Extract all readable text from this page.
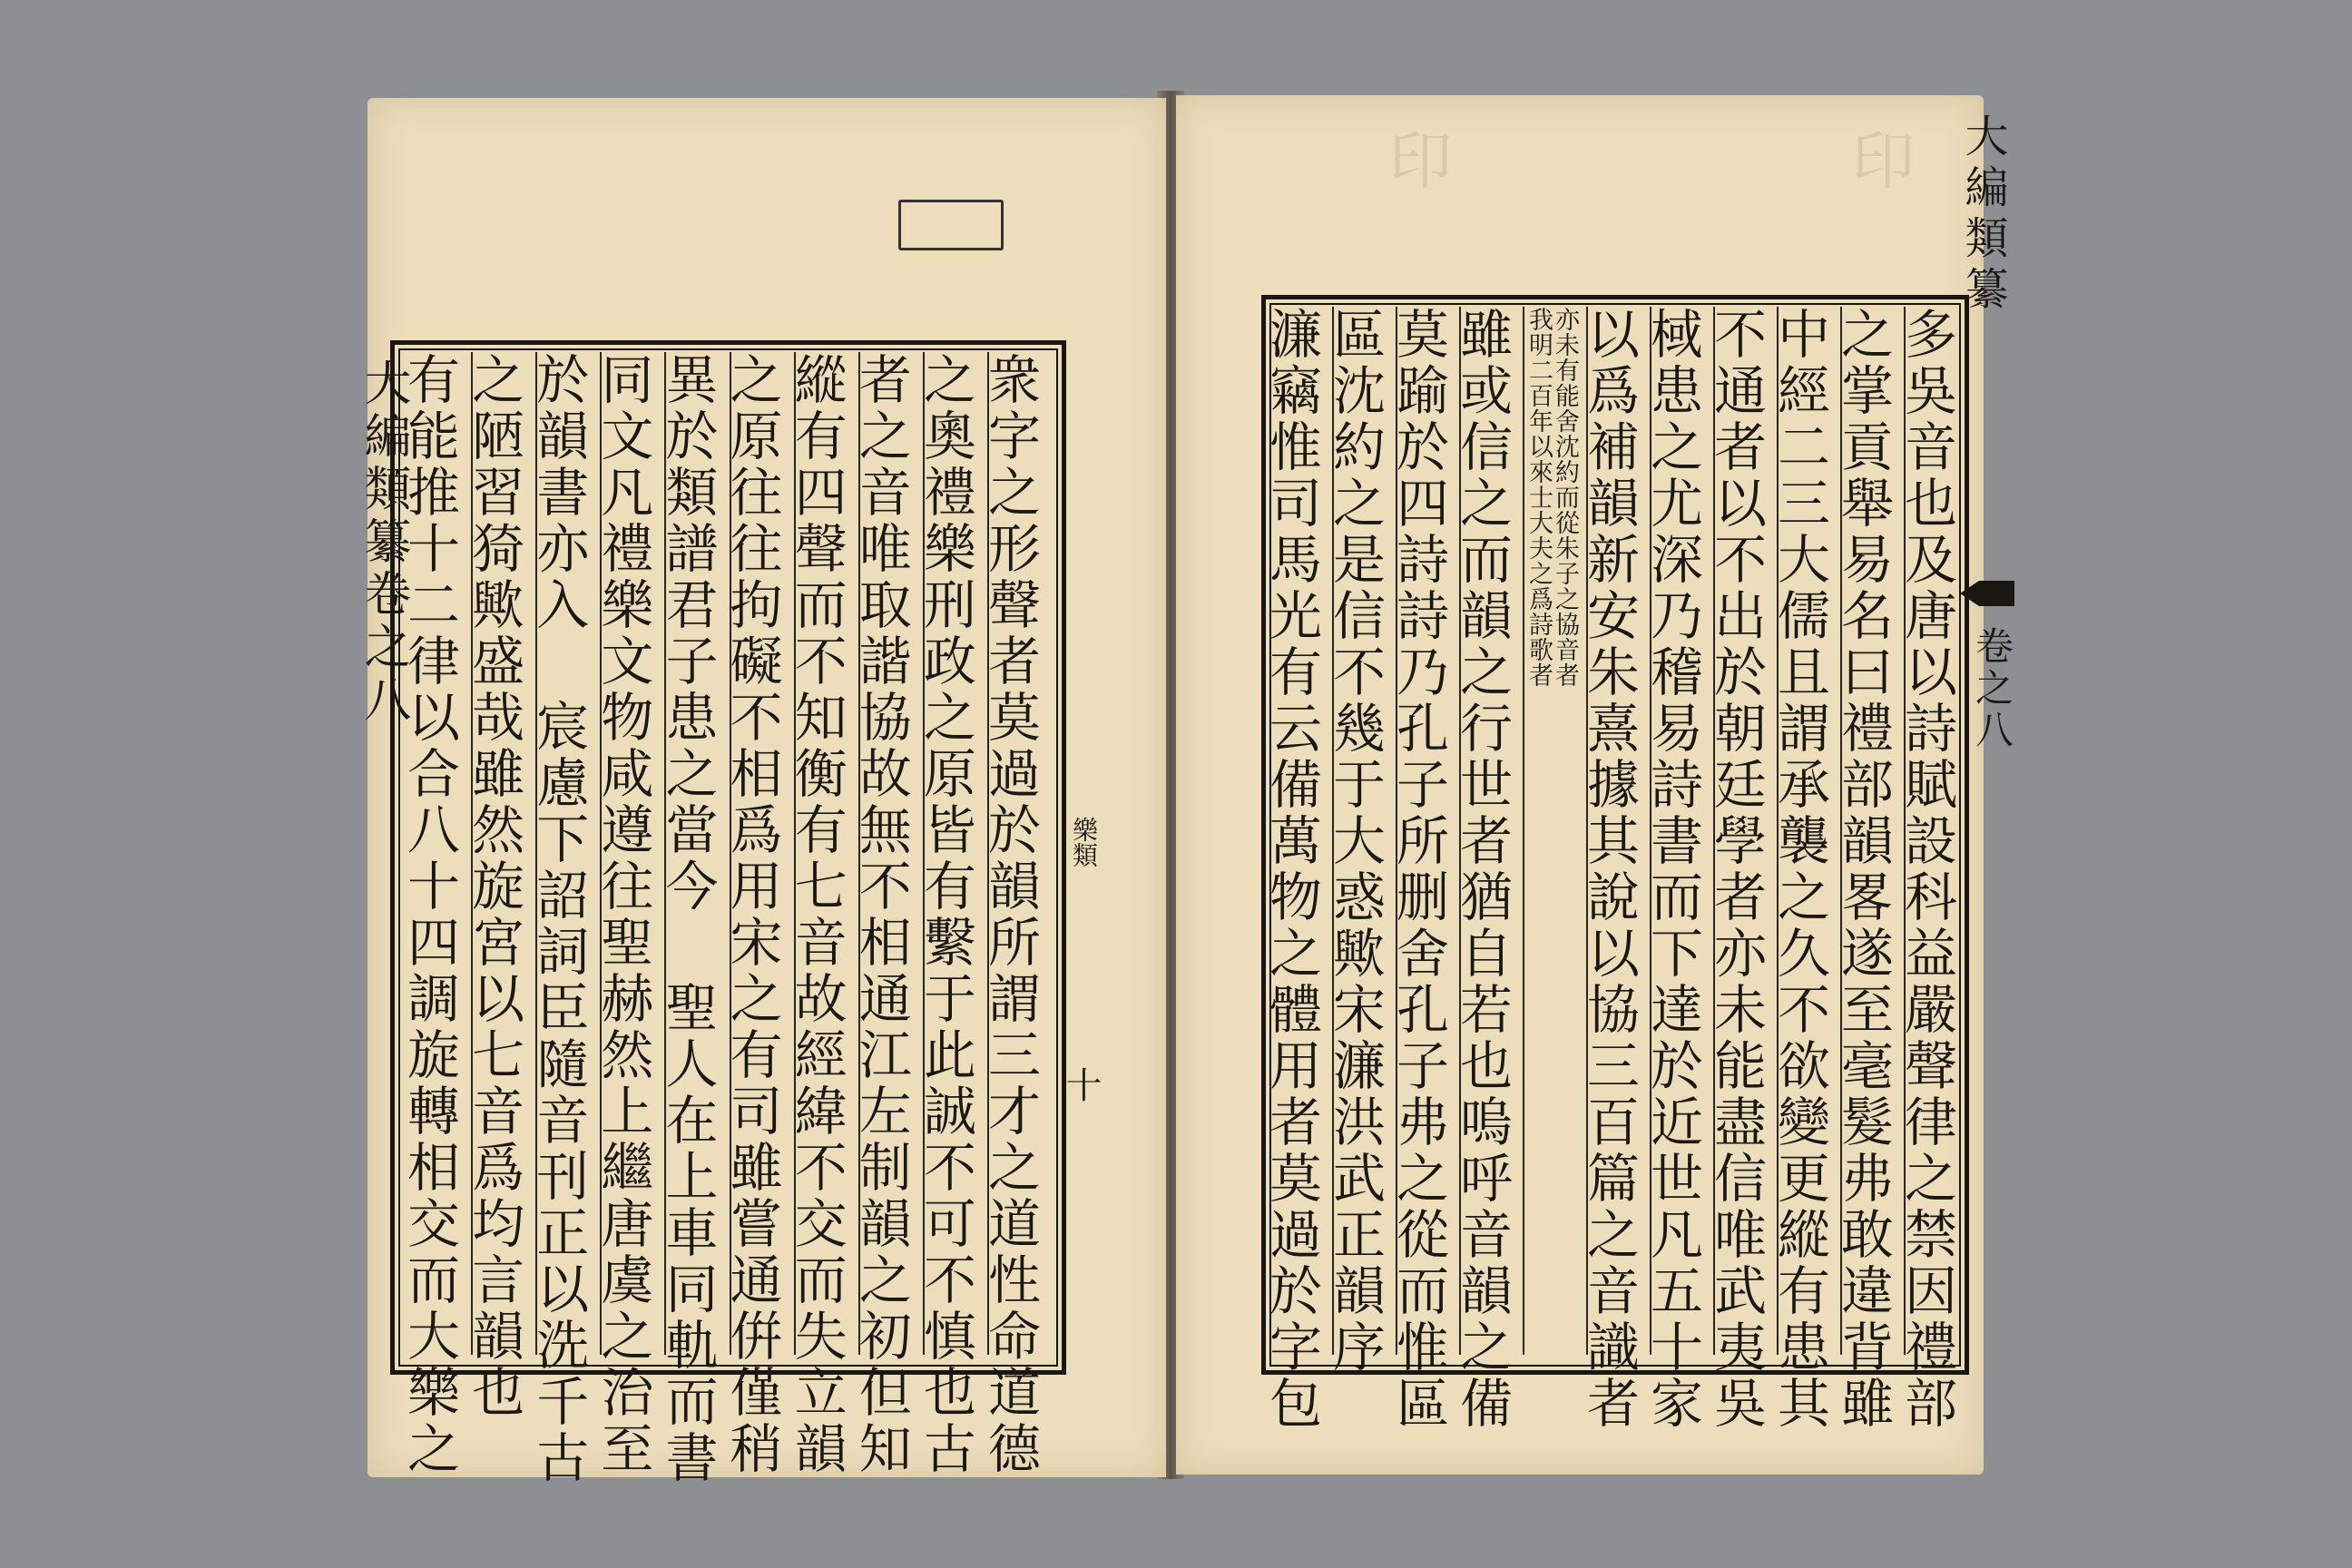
印	印
大編類纂卷之八
樂類
十
衆字之形聲者莫過於韻所謂三才之道性命道德
之奧禮樂刑政之原皆有繫于此誠不可不慎也古
者之音唯取諧協故無不相通江左制韻之初但知
縱有四聲而不知衡有七音故經緯不交而失立韻
之原往往拘礙不相爲用宋之有司雖嘗通倂僅稍
異於類譜君子患之當今 聖人在上車同軌而書
同文凡禮樂文物咸遵往聖赫然上繼唐虞之治至
於韻書亦入 宸慮下詔詞臣隨音刊正以洗千古
之陋習猗歟盛哉雖然旋宮以七音爲均言韻也
有能推十二律以合八十四調旋轉相交而大樂之
大編類纂
卷之八
多吳音也及唐以詩賦設科益嚴聲律之禁因禮部
之掌貢舉易名曰禮部韻畧遂至毫髮弗敢違背雖
中經二三大儒且謂承襲之久不欲變更縱有患其
不通者以不出於朝廷學者亦未能盡信唯武夷吳
棫患之尤深乃稽易詩書而下達於近世凡五十家
以爲補韻新安朱熹據其說以協三百篇之音識者
我明二百年以來士大夫之爲詩歌者
亦未有能舍沈約而從朱子之協音者
雖或信之而韻之行世者猶自若也嗚呼音韻之備
莫踰於四詩詩乃孔子所删舍孔子弗之從而惟區
區沈約之是信不幾于大惑歟宋濂洪武正韻序
濂竊惟司馬光有云備萬物之體用者莫過於字包
